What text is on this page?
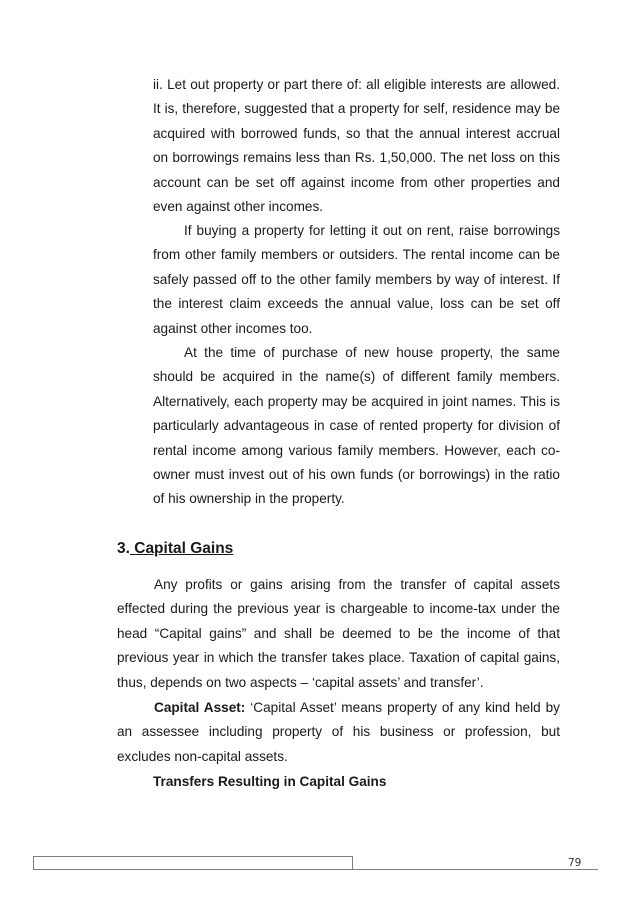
ii. Let out property or part there of: all eligible interests are allowed. It is, therefore, suggested that a property for self, residence may be acquired with borrowed funds, so that the annual interest accrual on borrowings remains less than Rs. 1,50,000. The net loss on this account can be set off against income from other properties and even against other incomes.

If buying a property for letting it out on rent, raise borrowings from other family members or outsiders. The rental income can be safely passed off to the other family members by way of interest. If the interest claim exceeds the annual value, loss can be set off against other incomes too.

At the time of purchase of new house property, the same should be acquired in the name(s) of different family members. Alternatively, each property may be acquired in joint names. This is particularly advantageous in case of rented property for division of rental income among various family members. However, each co-owner must invest out of his own funds (or borrowings) in the ratio of his ownership in the property.

3. Capital Gains

Any profits or gains arising from the transfer of capital assets effected during the previous year is chargeable to income-tax under the head “Capital gains” and shall be deemed to be the income of that previous year in which the transfer takes place. Taxation of capital gains, thus, depends on two aspects – ‘capital assets’ and transfer’.

Capital Asset: ‘Capital Asset’ means property of any kind held by an assessee including property of his business or profession, but excludes non-capital assets.

Transfers Resulting in Capital Gains

79
